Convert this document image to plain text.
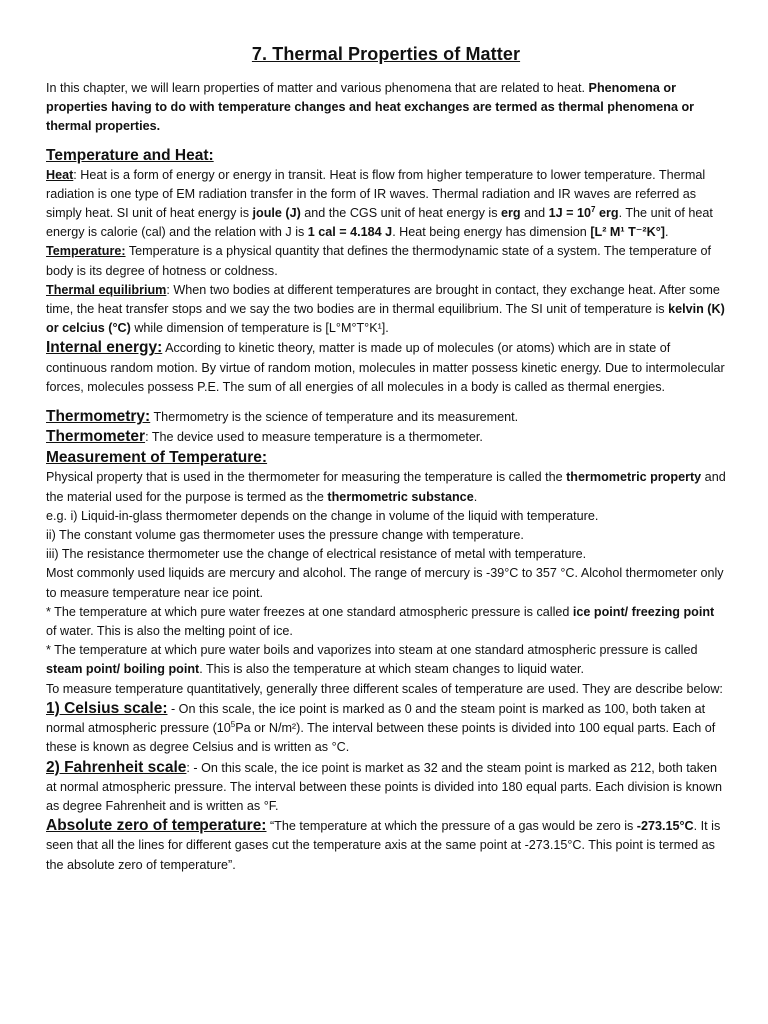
7. Thermal Properties of Matter

In this chapter, we will learn properties of matter and various phenomena that are related to heat. Phenomena or properties having to do with temperature changes and heat exchanges are termed as thermal phenomena or thermal properties.

Temperature and Heat:

Heat: Heat is a form of energy or energy in transit. Heat is flow from higher temperature to lower temperature. Thermal radiation is one type of EM radiation transfer in the form of IR waves. Thermal radiation and IR waves are referred as simply heat. SI unit of heat energy is joule (J) and the CGS unit of heat energy is erg and $1J = 10^7$ erg. The unit of heat energy is calorie (cal) and the relation with J is 1 cal = 4.184 J. Heat being energy has dimension [L² M¹ T⁻²K°].

Temperature: Temperature is a physical quantity that defines the thermodynamic state of a system. The temperature of body is its degree of hotness or coldness.

Thermal equilibrium: When two bodies at different temperatures are brought in contact, they exchange heat. After some time, the heat transfer stops and we say the two bodies are in thermal equilibrium. The SI unit of temperature is kelvin (K) or celcius (°C) while dimension of temperature is [L°M°T°K¹].

Internal energy: According to kinetic theory, matter is made up of molecules (or atoms) which are in state of continuous random motion. By virtue of random motion, molecules in matter possess kinetic energy. Due to intermolecular forces, molecules possess P.E. The sum of all energies of all molecules in a body is called as thermal energies.

Thermometry: Thermometry is the science of temperature and its measurement.

Thermometer: The device used to measure temperature is a thermometer.

Measurement of Temperature:

Physical property that is used in the thermometer for measuring the temperature is called the thermometric property and the material used for the purpose is termed as the thermometric substance.

e.g. i) Liquid-in-glass thermometer depends on the change in volume of the liquid with temperature.

ii) The constant volume gas thermometer uses the pressure change with temperature.

iii) The resistance thermometer use the change of electrical resistance of metal with temperature.

Most commonly used liquids are mercury and alcohol. The range of mercury is -39°C to 357 °C. Alcohol thermometer only to measure temperature near ice point.

* The temperature at which pure water freezes at one standard atmospheric pressure is called ice point/ freezing point of water. This is also the melting point of ice.

* The temperature at which pure water boils and vaporizes into steam at one standard atmospheric pressure is called steam point/ boiling point. This is also the temperature at which steam changes to liquid water.

To measure temperature quantitatively, generally three different scales of temperature are used. They are describe below:

1) Celsius scale: - On this scale, the ice point is marked as 0 and the steam point is marked as 100, both taken at normal atmospheric pressure ($10^5Pa$ or N/m²). The interval between these points is divided into 100 equal parts. Each of these is known as degree Celsius and is written as °C.

2) Fahrenheit scale: - On this scale, the ice point is market as 32 and the steam point is marked as 212, both taken at normal atmospheric pressure. The interval between these points is divided into 180 equal parts. Each division is known as degree Fahrenheit and is written as °F.

Absolute zero of temperature: “The temperature at which the pressure of a gas would be zero is -273.15°C. It is seen that all the lines for different gases cut the temperature axis at the same point at -273.15°C. This point is termed as the absolute zero of temperature”.
